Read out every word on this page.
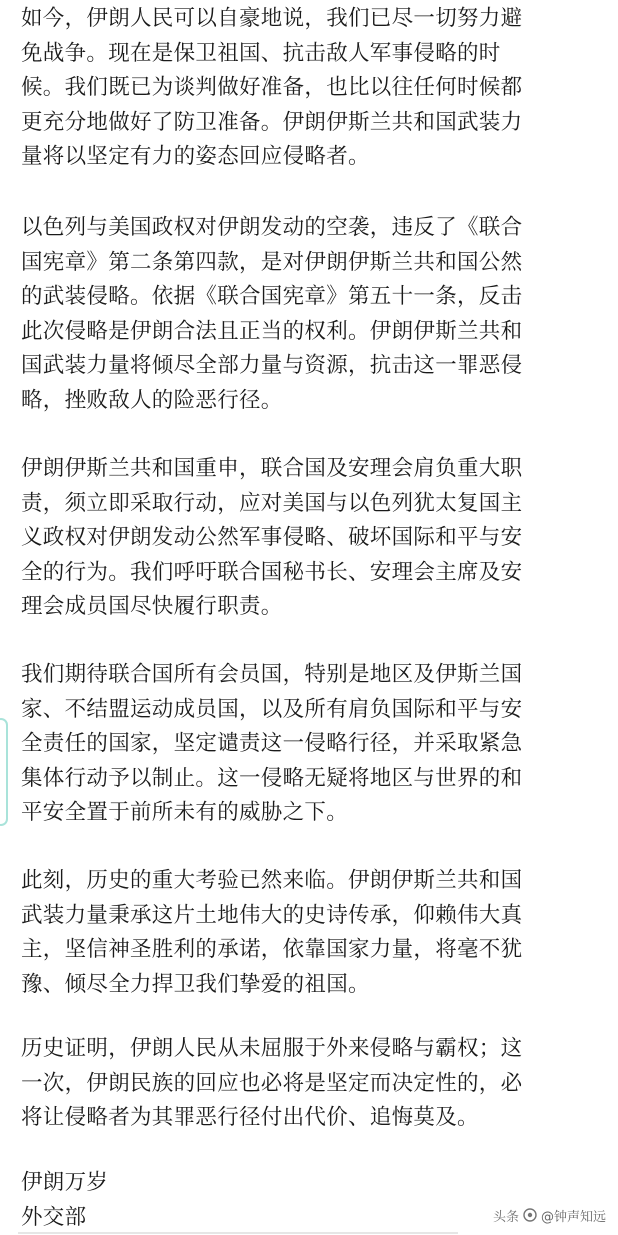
如今，伊朗人民可以自豪地说，我们已尽一切努力避
免战争。现在是保卫祖国、抗击敌人军事侵略的时
候。我们既已为谈判做好准备，也比以往任何时候都
更充分地做好了防卫准备。伊朗伊斯兰共和国武装力
量将以坚定有力的姿态回应侵略者。

以色列与美国政权对伊朗发动的空袭，违反了《联合
国宪章》第二条第四款，是对伊朗伊斯兰共和国公然
的武装侵略。依据《联合国宪章》第五十一条，反击
此次侵略是伊朗合法且正当的权利。伊朗伊斯兰共和
国武装力量将倾尽全部力量与资源，抗击这一罪恶侵
略，挫败敌人的险恶行径。

伊朗伊斯兰共和国重申，联合国及安理会肩负重大职
责，须立即采取行动，应对美国与以色列犹太复国主
义政权对伊朗发动公然军事侵略、破坏国际和平与安
全的行为。我们呼吁联合国秘书长、安理会主席及安
理会成员国尽快履行职责。

我们期待联合国所有会员国，特别是地区及伊斯兰国
家、不结盟运动成员国，以及所有肩负国际和平与安
全责任的国家，坚定谴责这一侵略行径，并采取紧急
集体行动予以制止。这一侵略无疑将地区与世界的和
平安全置于前所未有的威胁之下。

此刻，历史的重大考验已然来临。伊朗伊斯兰共和国
武装力量秉承这片土地伟大的史诗传承，仰赖伟大真
主，坚信神圣胜利的承诺，依靠国家力量，将毫不犹
豫、倾尽全力捍卫我们挚爱的祖国。

历史证明，伊朗人民从未屈服于外来侵略与霸权；这
一次，伊朗民族的回应也必将是坚定而决定性的，必
将让侵略者为其罪恶行径付出代价、追悔莫及。

伊朗万岁

外交部	头条 @钟声知远
